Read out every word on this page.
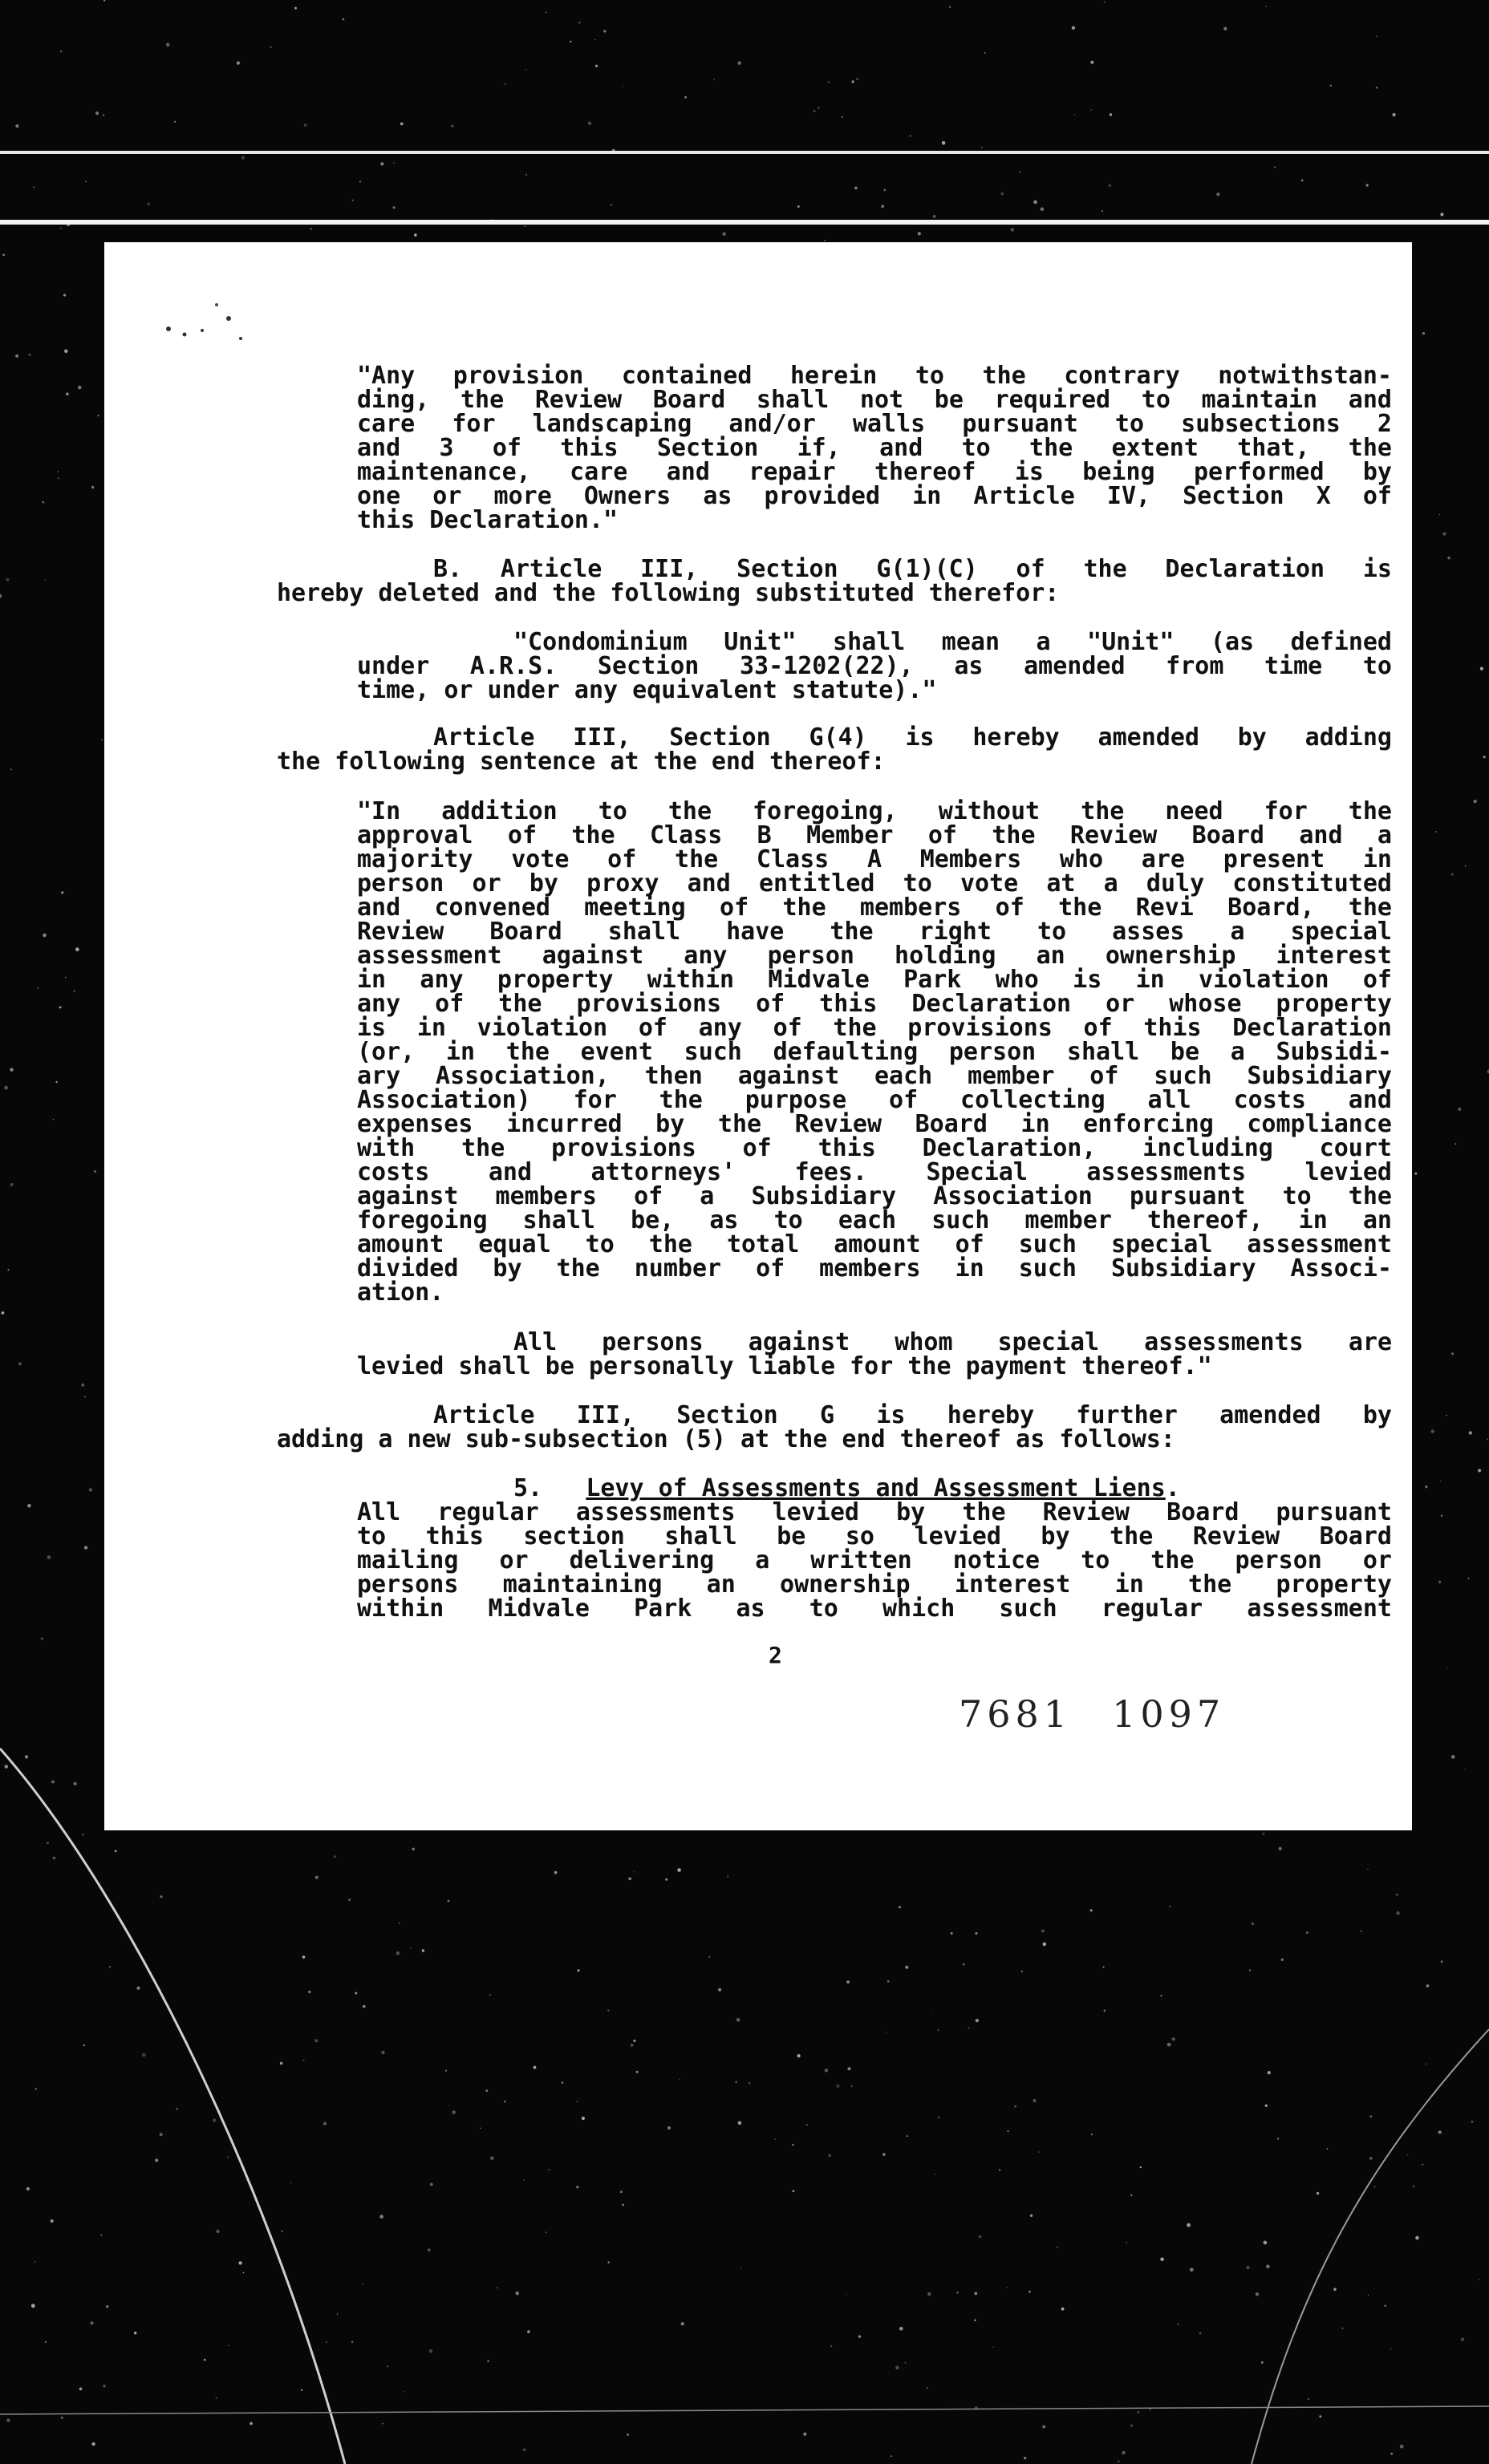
"Any provision contained herein to the contrary notwithstan-
ding, the Review Board shall not be required to maintain and
care for landscaping and/or walls pursuant to subsections 2
and 3 of this Section if, and to the extent that, the
maintenance, care and repair thereof is being performed by
one or more Owners as provided in Article IV, Section X of
this Declaration."
B. Article III, Section G(1)(C) of the Declaration is
hereby deleted and the following substituted therefor:
"Condominium Unit" shall mean a "Unit" (as defined
under A.R.S. Section 33-1202(22), as amended from time to
time, or under any equivalent statute)."
Article III, Section G(4) is hereby amended by adding
the following sentence at the end thereof:
"In addition to the foregoing, without the need for the
approval of the Class B Member of the Review Board and a
majority vote of the Class A Members who are present in
person or by proxy and entitled to vote at a duly constituted
and convened meeting of the members of the Revi Board, the
Review Board shall have the right to asses a special
assessment against any person holding an ownership interest
in any property within Midvale Park who is in violation of
any of the provisions of this Declaration or whose property
is in violation of any of the provisions of this Declaration
(or, in the event such defaulting person shall be a Subsidi-
ary Association, then against each member of such Subsidiary
Association) for the purpose of collecting all costs and
expenses incurred by the Review Board in enforcing compliance
with the provisions of this Declaration, including court
costs and attorneys' fees. Special assessments levied
against members of a Subsidiary Association pursuant to the
foregoing shall be, as to each such member thereof, in an
amount equal to the total amount of such special assessment
divided by the number of members in such Subsidiary Associ-
ation.
All persons against whom special assessments are
levied shall be personally liable for the payment thereof."
Article III, Section G is hereby further amended by
adding a new sub-subsection (5) at the end thereof as follows:
5. Levy of Assessments and Assessment Liens.
All regular assessments levied by the Review Board pursuant
to this section shall be so levied by the Review Board
mailing or delivering a written notice to the person or
persons maintaining an ownership interest in the property
within Midvale Park as to which such regular assessment
2
7681 1097
